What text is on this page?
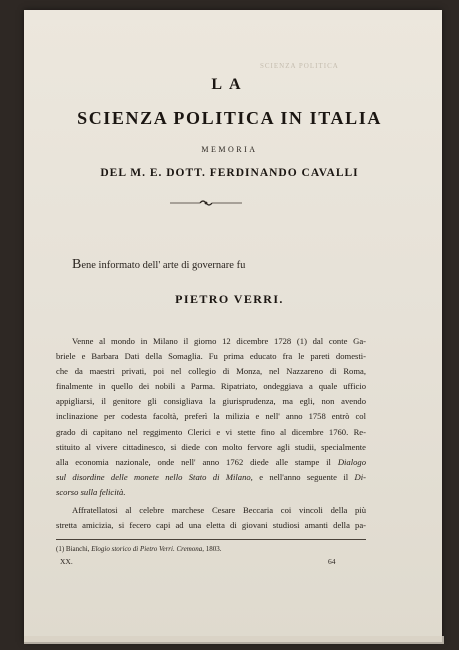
SCIENZA POLITICA
LA
SCIENZA POLITICA IN ITALIA
MEMORIA
DEL M. E. DOTT. FERDINANDO CAVALLI
Bene informato dell' arte di governare fu
PIETRO VERRI.

Venne al mondo in Milano il giorno 12 dicembre 1728 (1) dal conte Ga-
briele e Barbara Dati della Somaglia. Fu prima educato fra le pareti domesti-
che da maestri privati, poi nel collegio di Monza, nel Nazzareno di Roma,
finalmente in quello dei nobili a Parma. Ripatriato, ondeggiava a quale ufficio
appigliarsi, il genitore gli consigliava la giurisprudenza, ma egli, non avendo
inclinazione per codesta facoltà, preferì la milizia e nell' anno 1758 entrò col
grado di capitano nel reggimento Clerici e vi stette fino al dicembre 1760. Re-
stituito al vivere cittadinesco, si diede con molto fervore agli studii, specialmente
alla economia nazionale, onde nell' anno 1762 diede alle stampe il Dialogo
sul disordine delle monete nello Stato di Milano, e nell'anno seguente il Di-
scorso sulla felicità.

Affratellatosi al celebre marchese Cesare Beccaria coi vincoli della più
stretta amicizia, si fecero capi ad una eletta di giovani studiosi amanti della pa-

(1) Bianchi, Elogio storico di Pietro Verri. Cremona, 1803.
XX.	64
